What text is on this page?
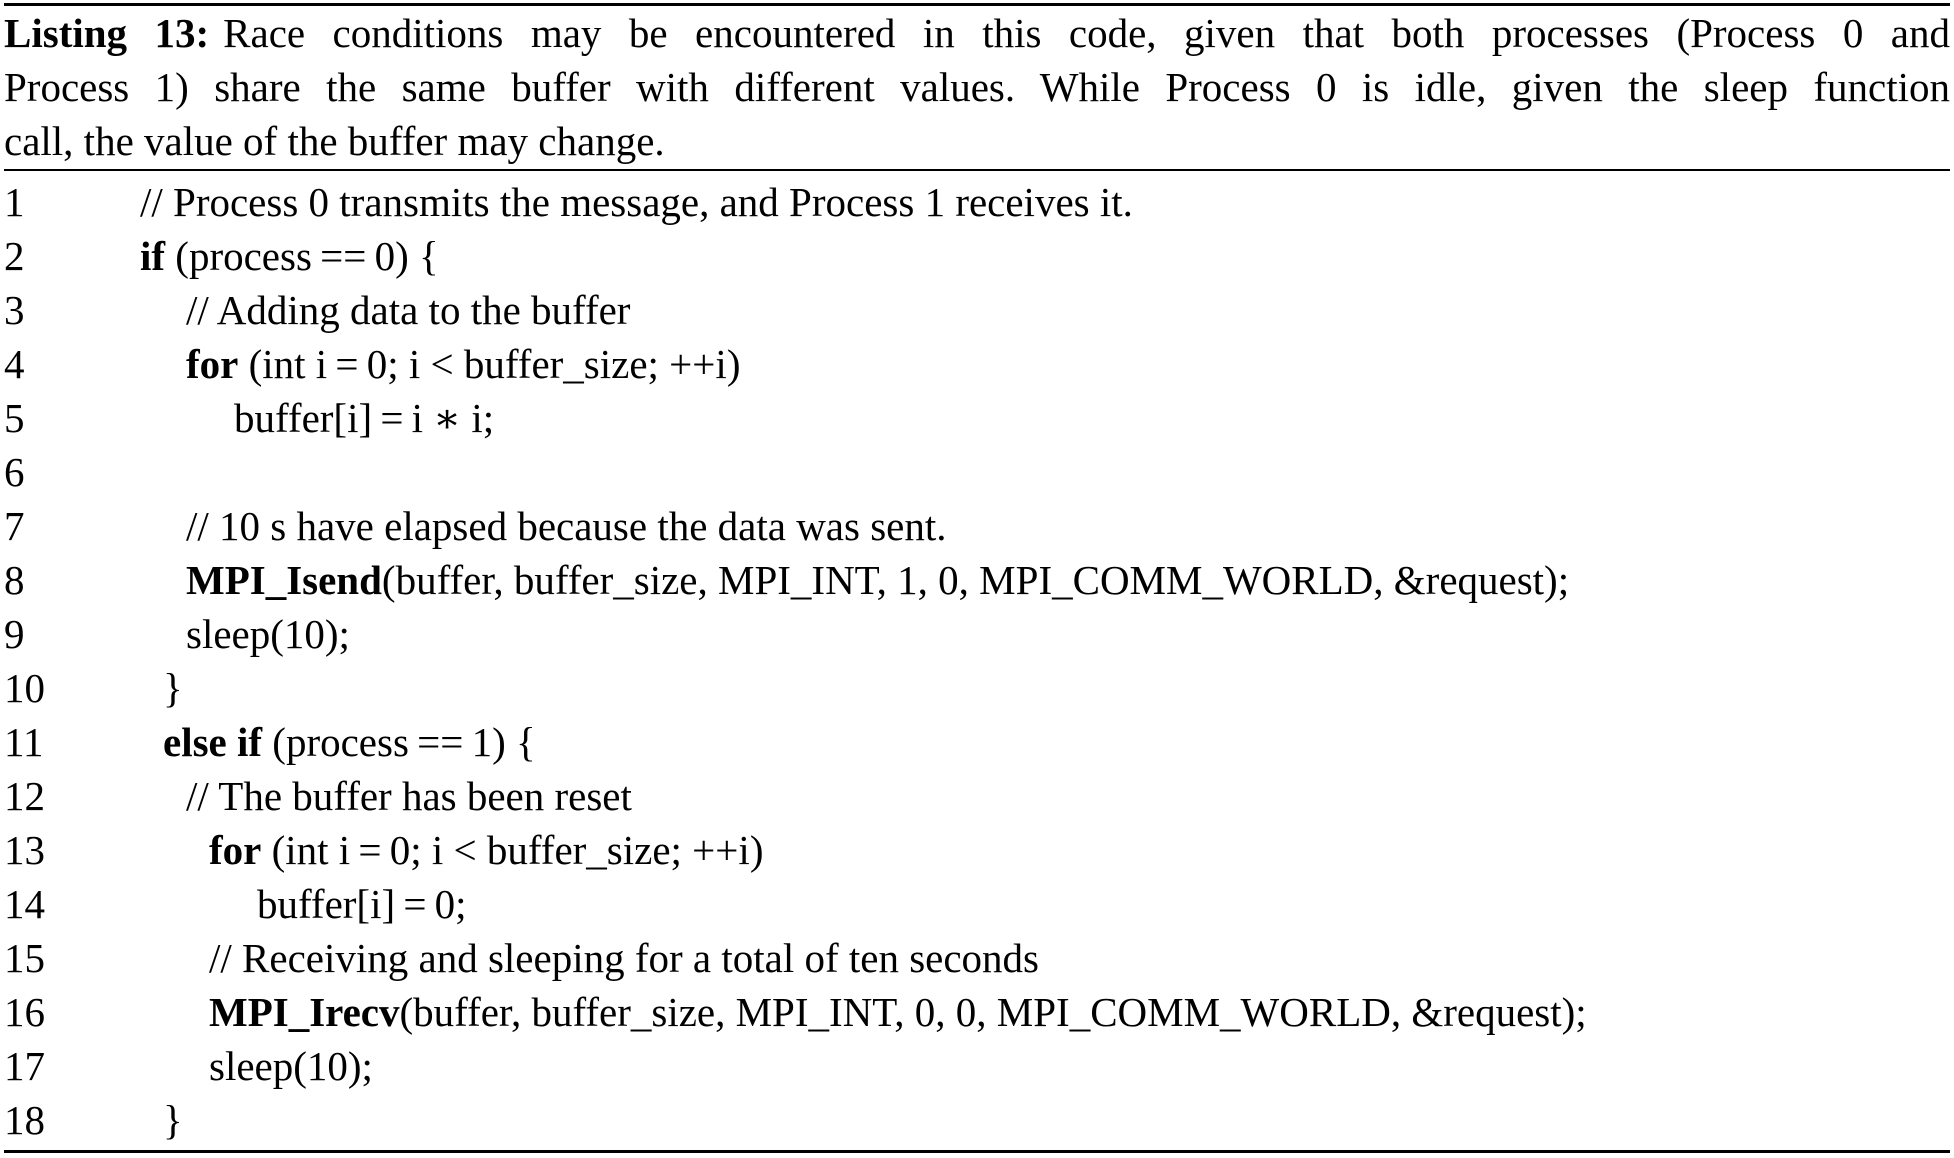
Listing 13: Race conditions may be encountered in this code, given that both processes (Process 0 and
Process 1) share the same buffer with different values. While Process 0 is idle, given the sleep function
call, the value of the buffer may change.
1	// Process 0 transmits the message, and Process 1 receives it.
2	if (process == 0) {
3	// Adding data to the buffer
4	for (int i = 0; i < buffer_size; ++i)
5	buffer[i] = i ∗ i;
6
7	// 10 s have elapsed because the data was sent.
8	MPI_Isend(buffer, buffer_size, MPI_INT, 1, 0, MPI_COMM_WORLD, &request);
9	sleep(10);
10	}
11	else if (process == 1) {
12	// The buffer has been reset
13	for (int i = 0; i < buffer_size; ++i)
14	buffer[i] = 0;
15	// Receiving and sleeping for a total of ten seconds
16	MPI_Irecv(buffer, buffer_size, MPI_INT, 0, 0, MPI_COMM_WORLD, &request);
17	sleep(10);
18	}
